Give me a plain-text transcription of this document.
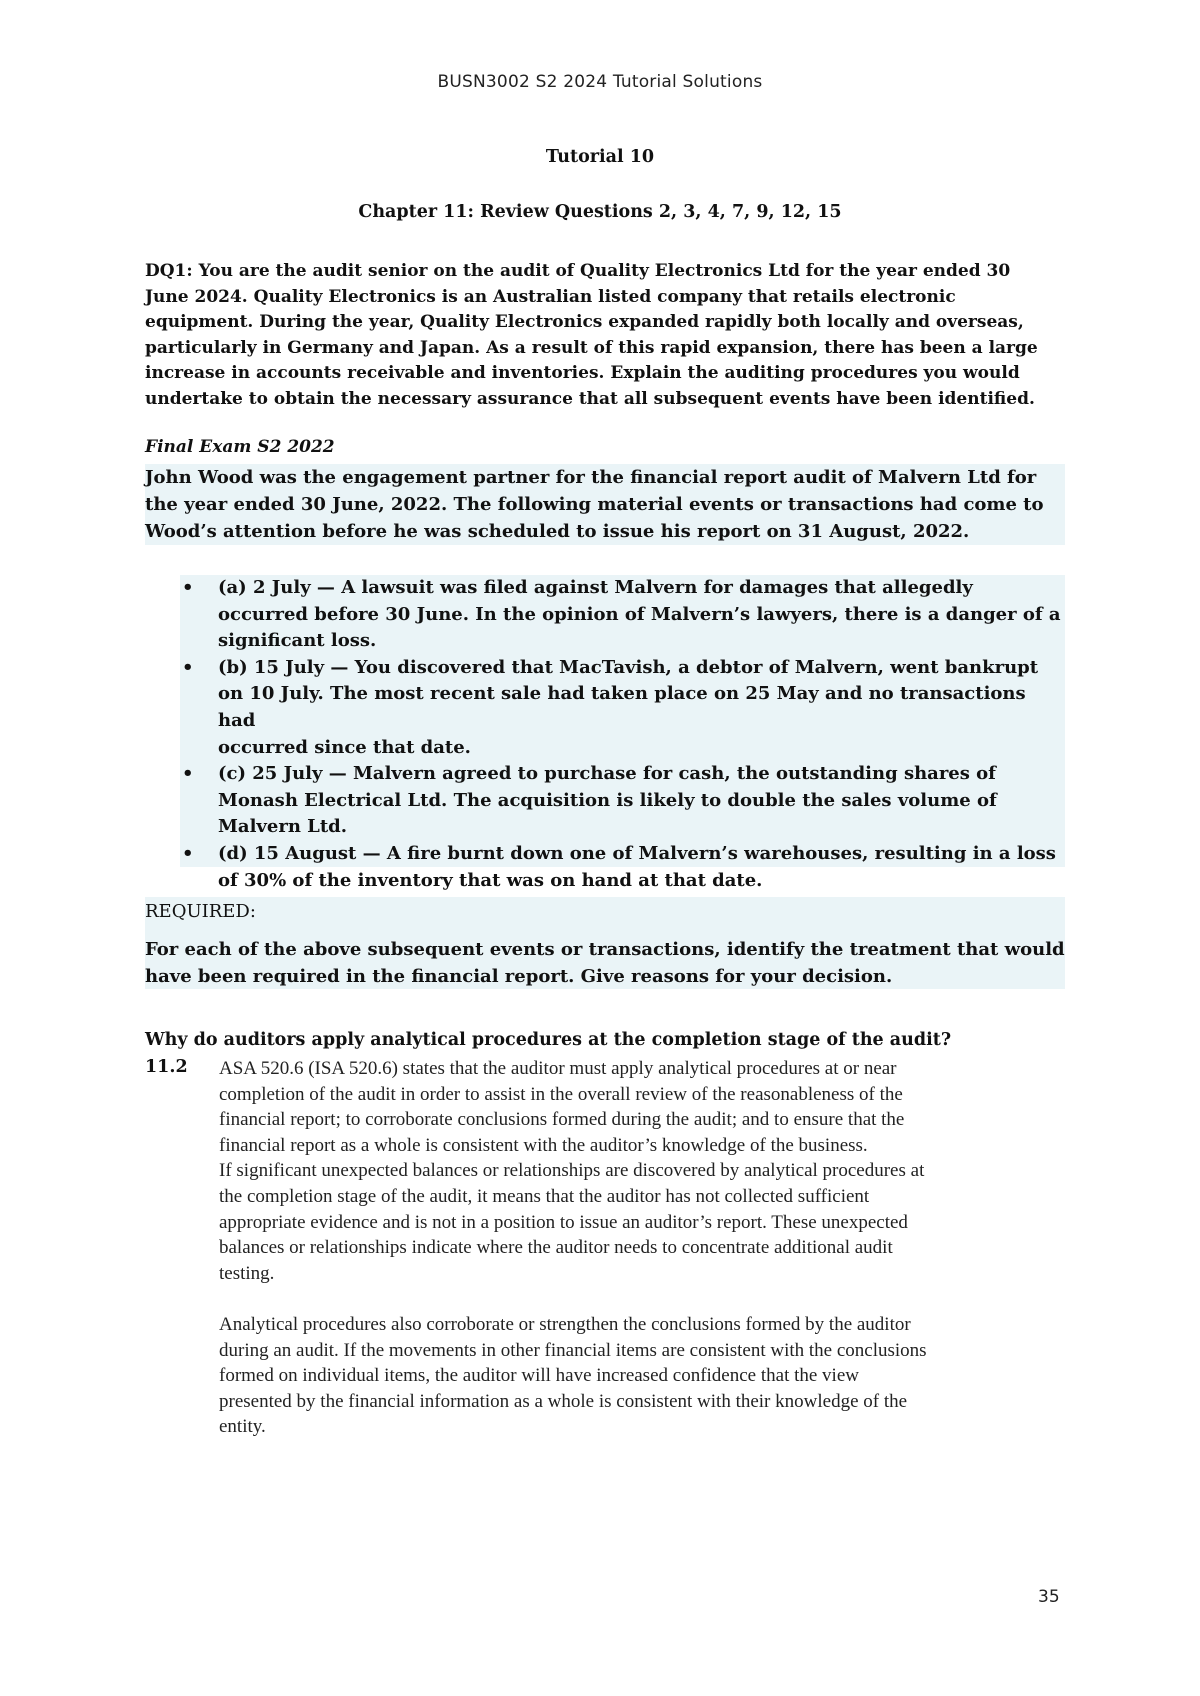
BUSN3002 S2 2024 Tutorial Solutions
Tutorial 10
Chapter 11: Review Questions 2, 3, 4, 7, 9, 12, 15
DQ1: You are the audit senior on the audit of Quality Electronics Ltd for the year ended 30
June 2024. Quality Electronics is an Australian listed company that retails electronic
equipment. During the year, Quality Electronics expanded rapidly both locally and overseas,
particularly in Germany and Japan. As a result of this rapid expansion, there has been a large
increase in accounts receivable and inventories. Explain the auditing procedures you would
undertake to obtain the necessary assurance that all subsequent events have been identified.
Final Exam S2 2022
John Wood was the engagement partner for the financial report audit of Malvern Ltd for
the year ended 30 June, 2022. The following material events or transactions had come to
Wood’s attention before he was scheduled to issue his report on 31 August, 2022.
• (a) 2 July — A lawsuit was filed against Malvern for damages that allegedly
occurred before 30 June. In the opinion of Malvern’s lawyers, there is a danger of a
significant loss.
• (b) 15 July — You discovered that MacTavish, a debtor of Malvern, went bankrupt
on 10 July. The most recent sale had taken place on 25 May and no transactions had
occurred since that date.
• (c) 25 July — Malvern agreed to purchase for cash, the outstanding shares of
Monash Electrical Ltd. The acquisition is likely to double the sales volume of
Malvern Ltd.
• (d) 15 August — A fire burnt down one of Malvern’s warehouses, resulting in a loss
of 30% of the inventory that was on hand at that date.
REQUIRED:
For each of the above subsequent events or transactions, identify the treatment that would
have been required in the financial report. Give reasons for your decision.
Why do auditors apply analytical procedures at the completion stage of the audit?
11.2 ASA 520.6 (ISA 520.6) states that the auditor must apply analytical procedures at or near
completion of the audit in order to assist in the overall review of the reasonableness of the
financial report; to corroborate conclusions formed during the audit; and to ensure that the
financial report as a whole is consistent with the auditor’s knowledge of the business.

If significant unexpected balances or relationships are discovered by analytical procedures at
the completion stage of the audit, it means that the auditor has not collected sufficient
appropriate evidence and is not in a position to issue an auditor’s report. These unexpected
balances or relationships indicate where the auditor needs to concentrate additional audit
testing.

Analytical procedures also corroborate or strengthen the conclusions formed by the auditor
during an audit. If the movements in other financial items are consistent with the conclusions
formed on individual items, the auditor will have increased confidence that the view
presented by the financial information as a whole is consistent with their knowledge of the
entity.

35
